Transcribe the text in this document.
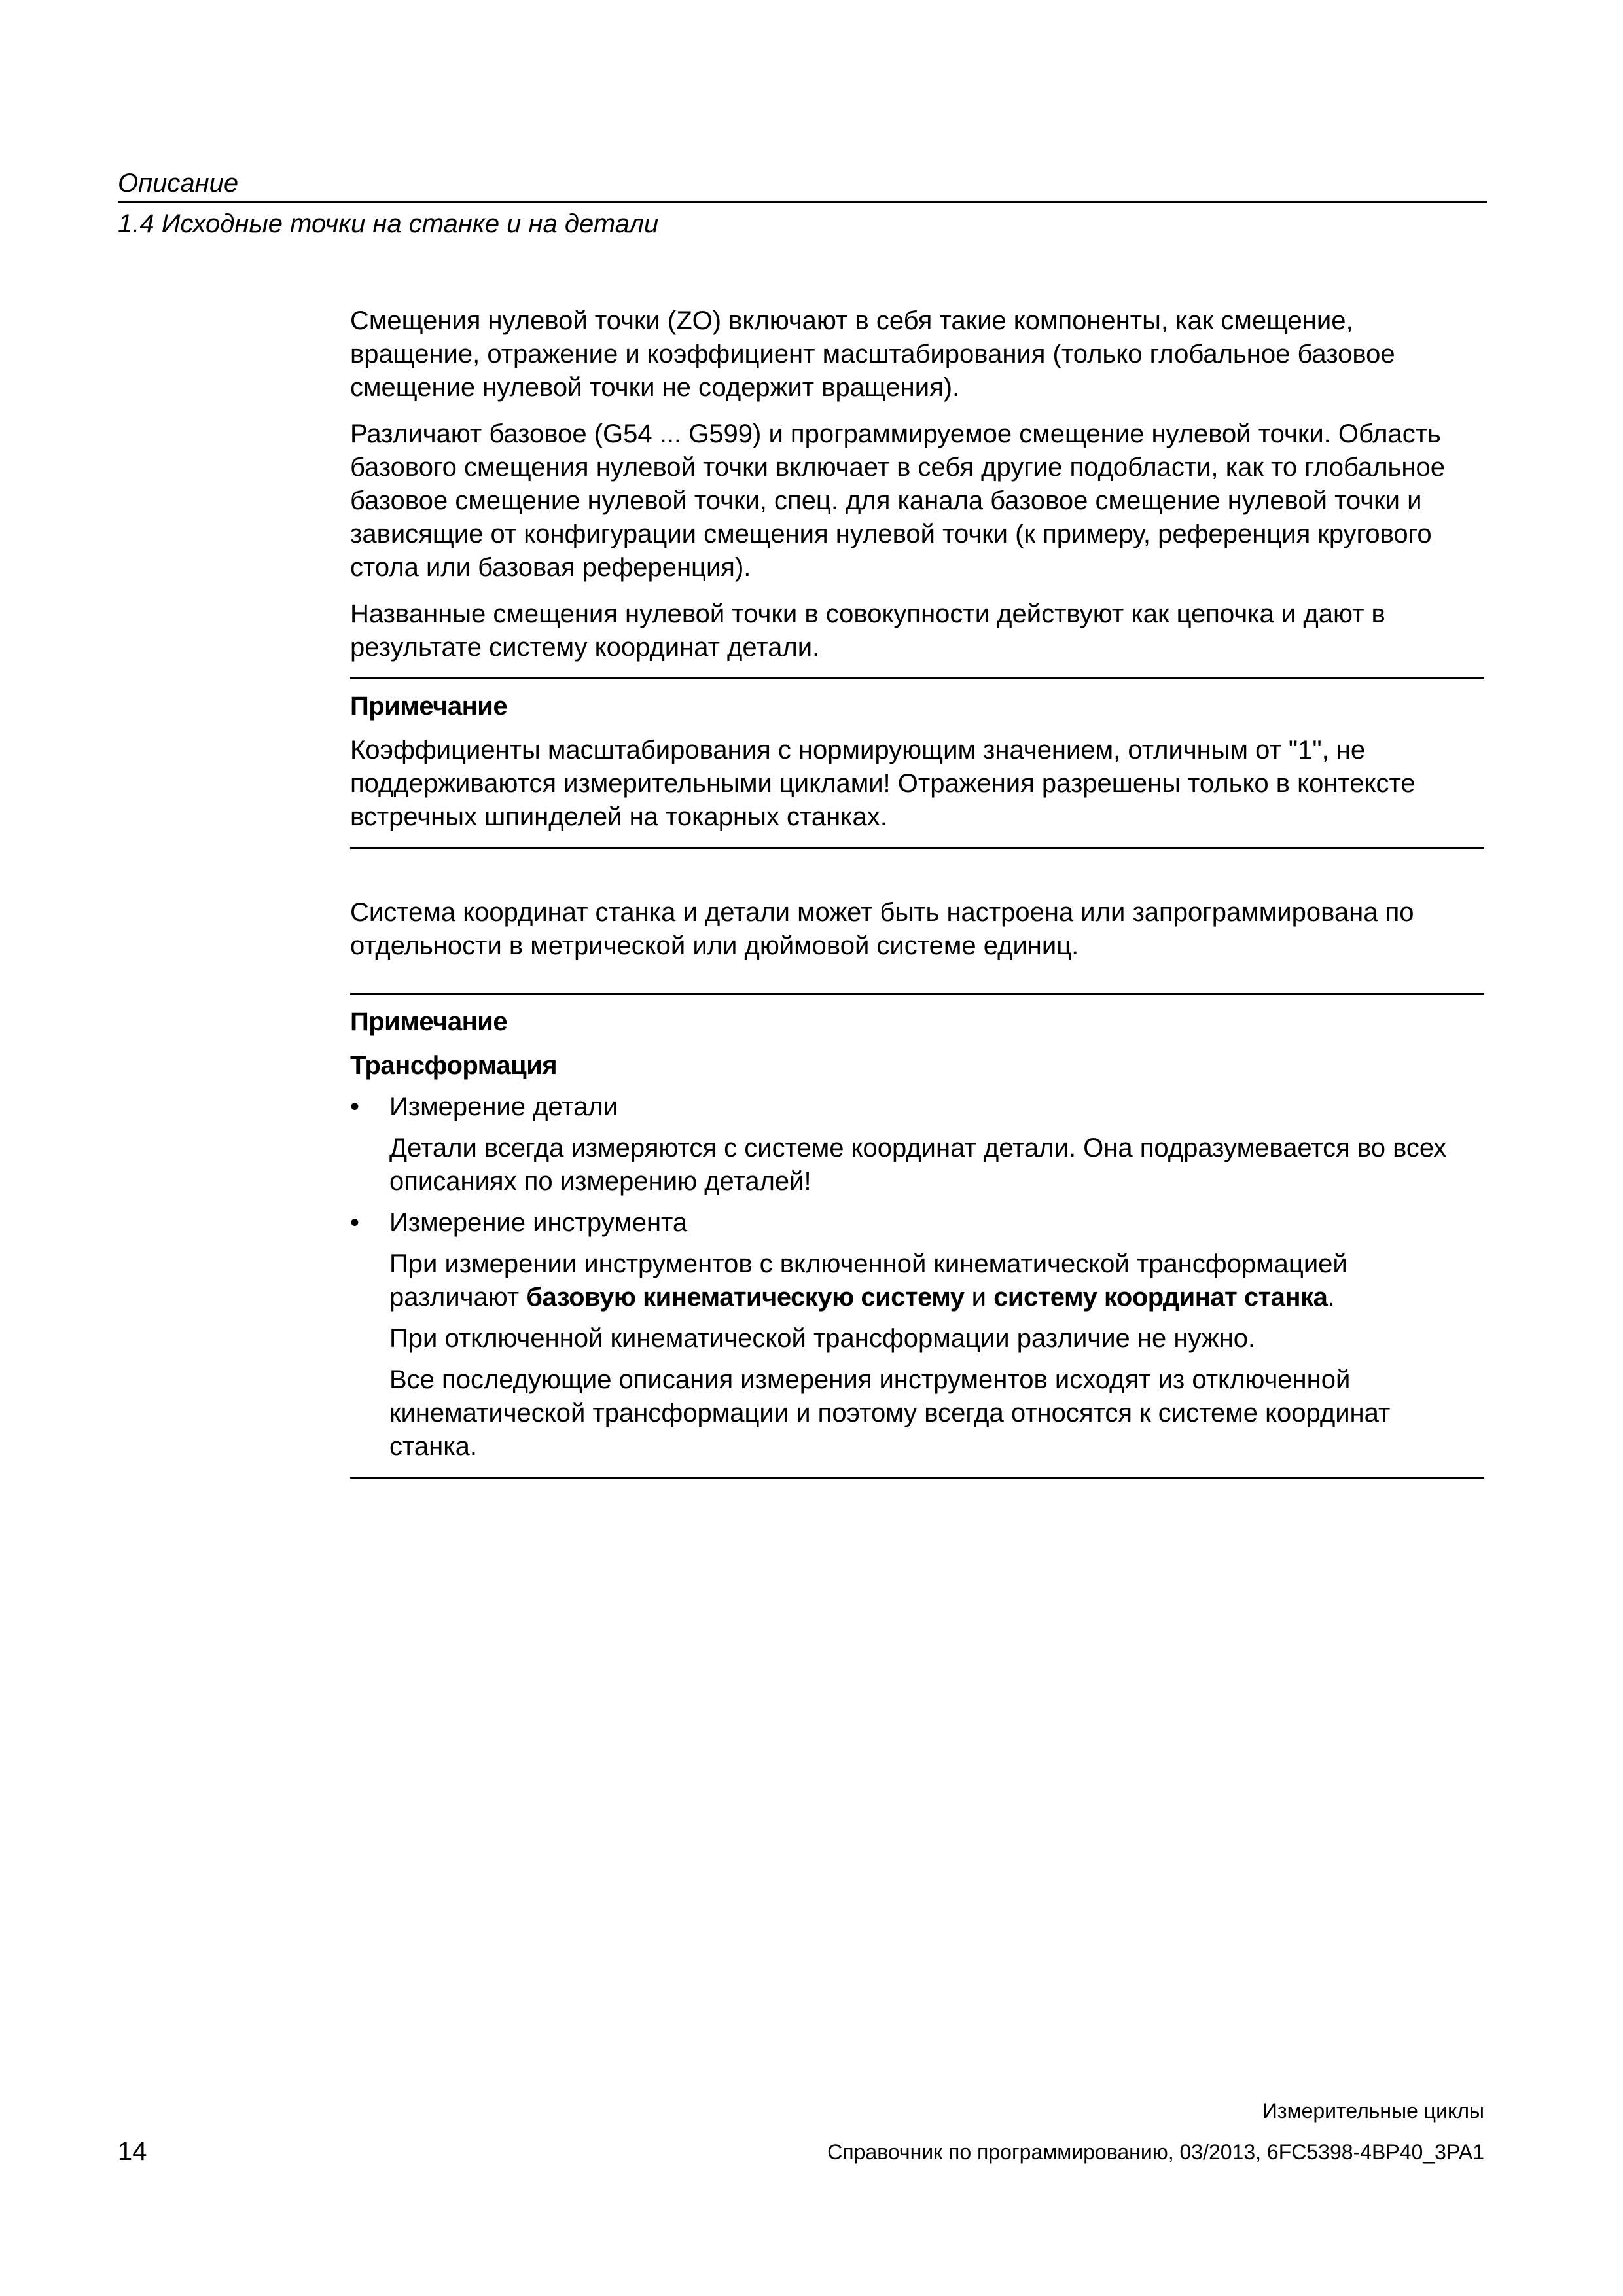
Описание
1.4 Исходные точки на станке и на детали

Смещения нулевой точки (ZO) включают в себя такие компоненты, как смещение, вращение, отражение и коэффициент масштабирования (только глобальное базовое смещение нулевой точки не содержит вращения).

Различают базовое (G54 ... G599) и программируемое смещение нулевой точки. Область базового смещения нулевой точки включает в себя другие подобласти, как то глобальное базовое смещение нулевой точки, спец. для канала базовое смещение нулевой точки и зависящие от конфигурации смещения нулевой точки (к примеру, референция кругового стола или базовая референция).

Названные смещения нулевой точки в совокупности действуют как цепочка и дают в результате систему координат детали.

Примечание

Коэффициенты масштабирования с нормирующим значением, отличным от "1", не поддерживаются измерительными циклами! Отражения разрешены только в контексте встречных шпинделей на токарных станках.

Система координат станка и детали может быть настроена или запрограммирована по отдельности в метрической или дюймовой системе единиц.

Примечание
Трансформация
• Измерение детали

Детали всегда измеряются с системе координат детали. Она подразумевается во всех описаниях по измерению деталей!

• Измерение инструмента

При измерении инструментов с включенной кинематической трансформацией различают базовую кинематическую систему и систему координат станка.

При отключенной кинематической трансформации различие не нужно.

Все последующие описания измерения инструментов исходят из отключенной кинематической трансформации и поэтому всегда относятся к системе координат станка.

Измерительные циклы
14	Справочник по программированию, 03/2013, 6FC5398-4BP40_3PA1
